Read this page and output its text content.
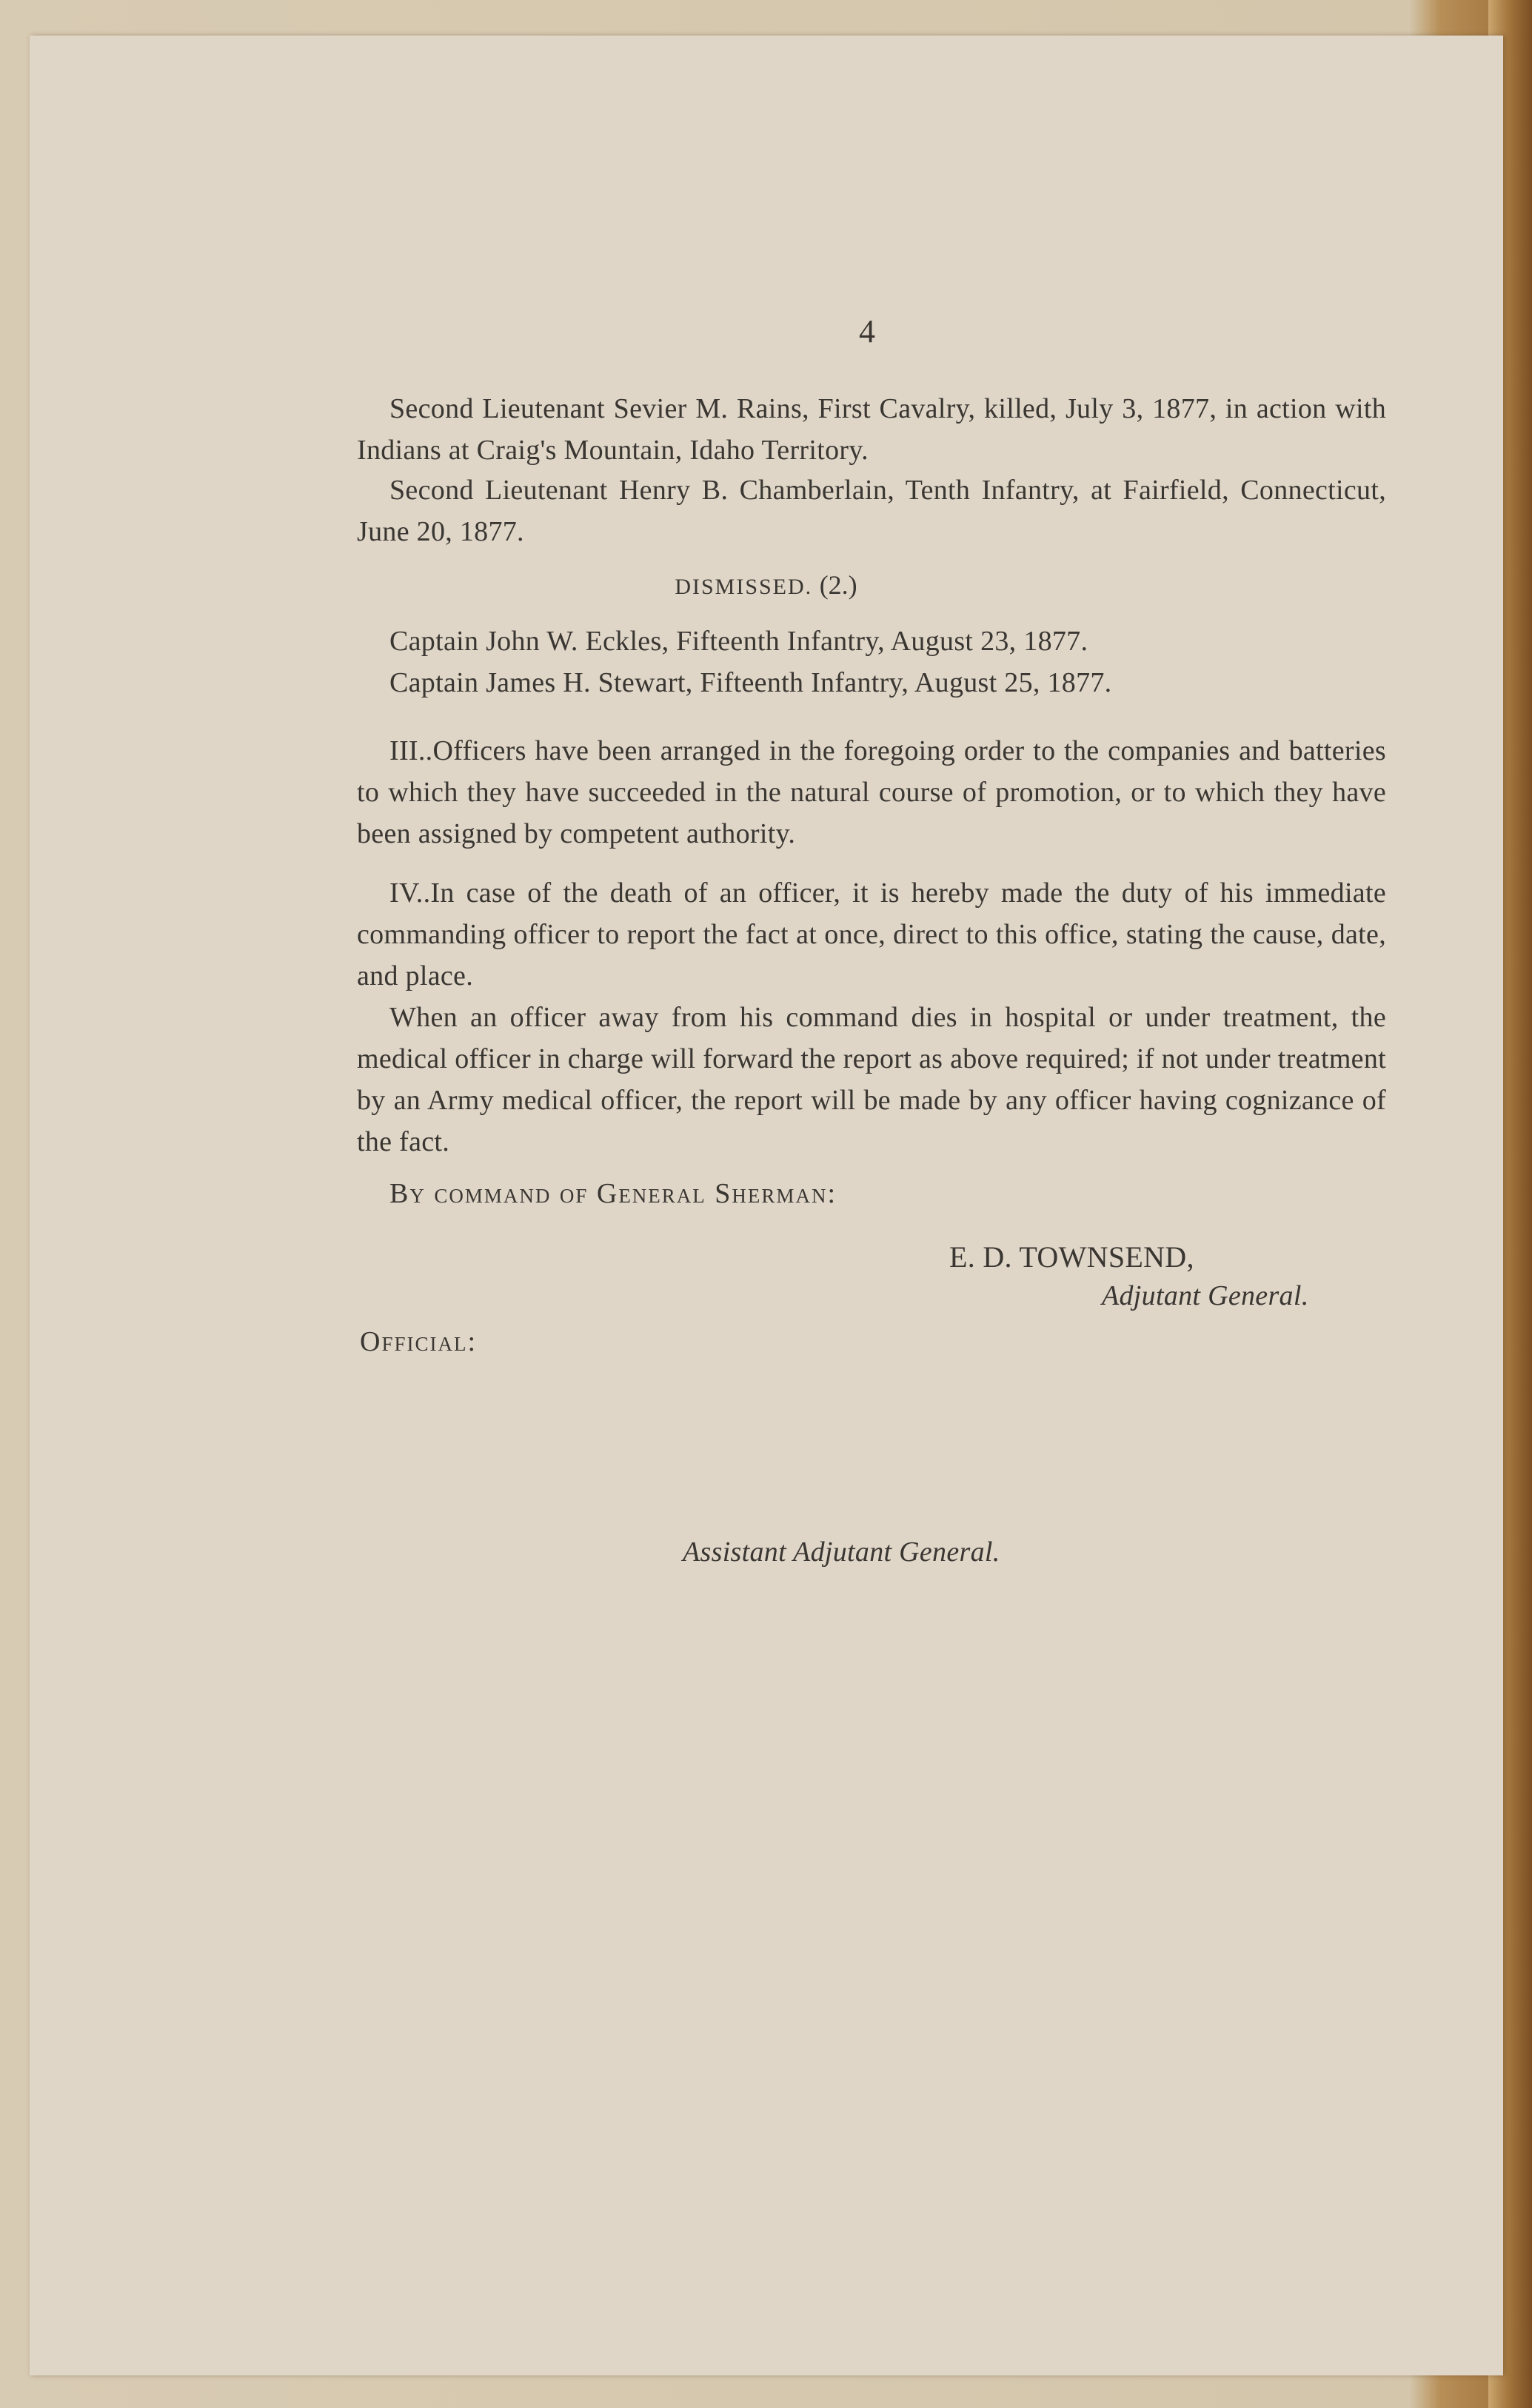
4
Second Lieutenant Sevier M. Rains, First Cavalry, killed, July 3, 1877, in action with Indians at Craig's Mountain, Idaho Territory.
Second Lieutenant Henry B. Chamberlain, Tenth Infantry, at Fairfield, Connecticut, June 20, 1877.
DISMISSED. (2.)
Captain John W. Eckles, Fifteenth Infantry, August 23, 1877.
Captain James H. Stewart, Fifteenth Infantry, August 25, 1877.
III..Officers have been arranged in the foregoing order to the companies and batteries to which they have succeeded in the natural course of promotion, or to which they have been assigned by competent authority.
IV..In case of the death of an officer, it is hereby made the duty of his immediate commanding officer to report the fact at once, direct to this office, stating the cause, date, and place.
When an officer away from his command dies in hospital or under treatment, the medical officer in charge will forward the report as above required; if not under treatment by an Army medical officer, the report will be made by any officer having cognizance of the fact.
By command of General Sherman:
E. D. TOWNSEND,
Adjutant General.
Official:
Assistant Adjutant General.
